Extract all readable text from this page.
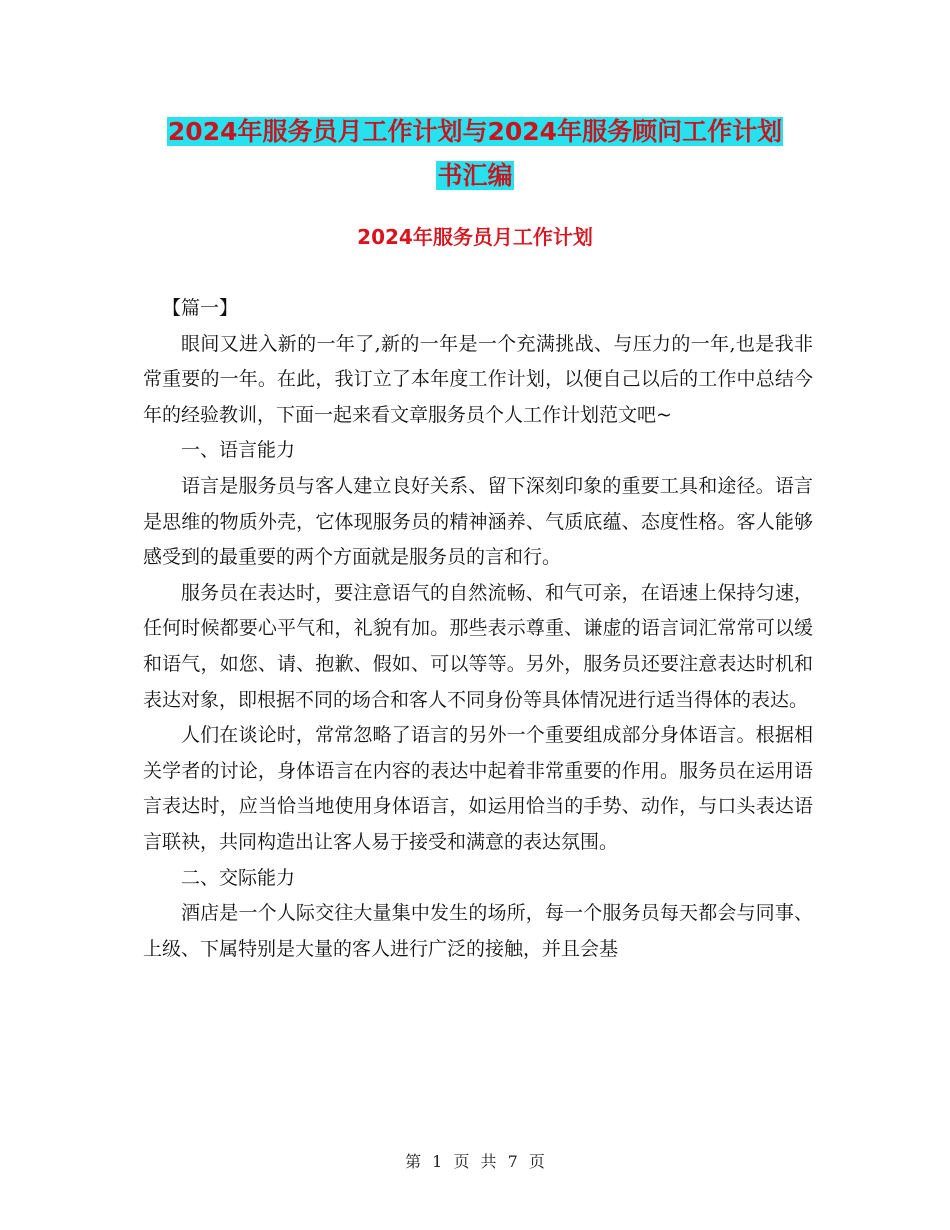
2024年服务员月工作计划与2024年服务顾问工作计划
书汇编
2024年服务员月工作计划

【篇一】

眼间又进入新的一年了,新的一年是一个充满挑战、与压力的一年,也是我非常重要的一年。在此，我订立了本年度工作计划，以便自己以后的工作中总结今年的经验教训，下面一起来看文章服务员个人工作计划范文吧~

一、语言能力

语言是服务员与客人建立良好关系、留下深刻印象的重要工具和途径。语言是思维的物质外壳，它体现服务员的精神涵养、气质底蕴、态度性格。客人能够感受到的最重要的两个方面就是服务员的言和行。

服务员在表达时，要注意语气的自然流畅、和气可亲，在语速上保持匀速，任何时候都要心平气和，礼貌有加。那些表示尊重、谦虚的语言词汇常常可以缓和语气，如您、请、抱歉、假如、可以等等。另外，服务员还要注意表达时机和表达对象，即根据不同的场合和客人不同身份等具体情况进行适当得体的表达。

人们在谈论时，常常忽略了语言的另外一个重要组成部分身体语言。根据相关学者的讨论，身体语言在内容的表达中起着非常重要的作用。服务员在运用语言表达时，应当恰当地使用身体语言，如运用恰当的手势、动作，与口头表达语言联袂，共同构造出让客人易于接受和满意的表达氛围。

二、交际能力

酒店是一个人际交往大量集中发生的场所，每一个服务员每天都会与同事、上级、下属特别是大量的客人进行广泛的接触，并且会基

第 1 页 共 7 页
